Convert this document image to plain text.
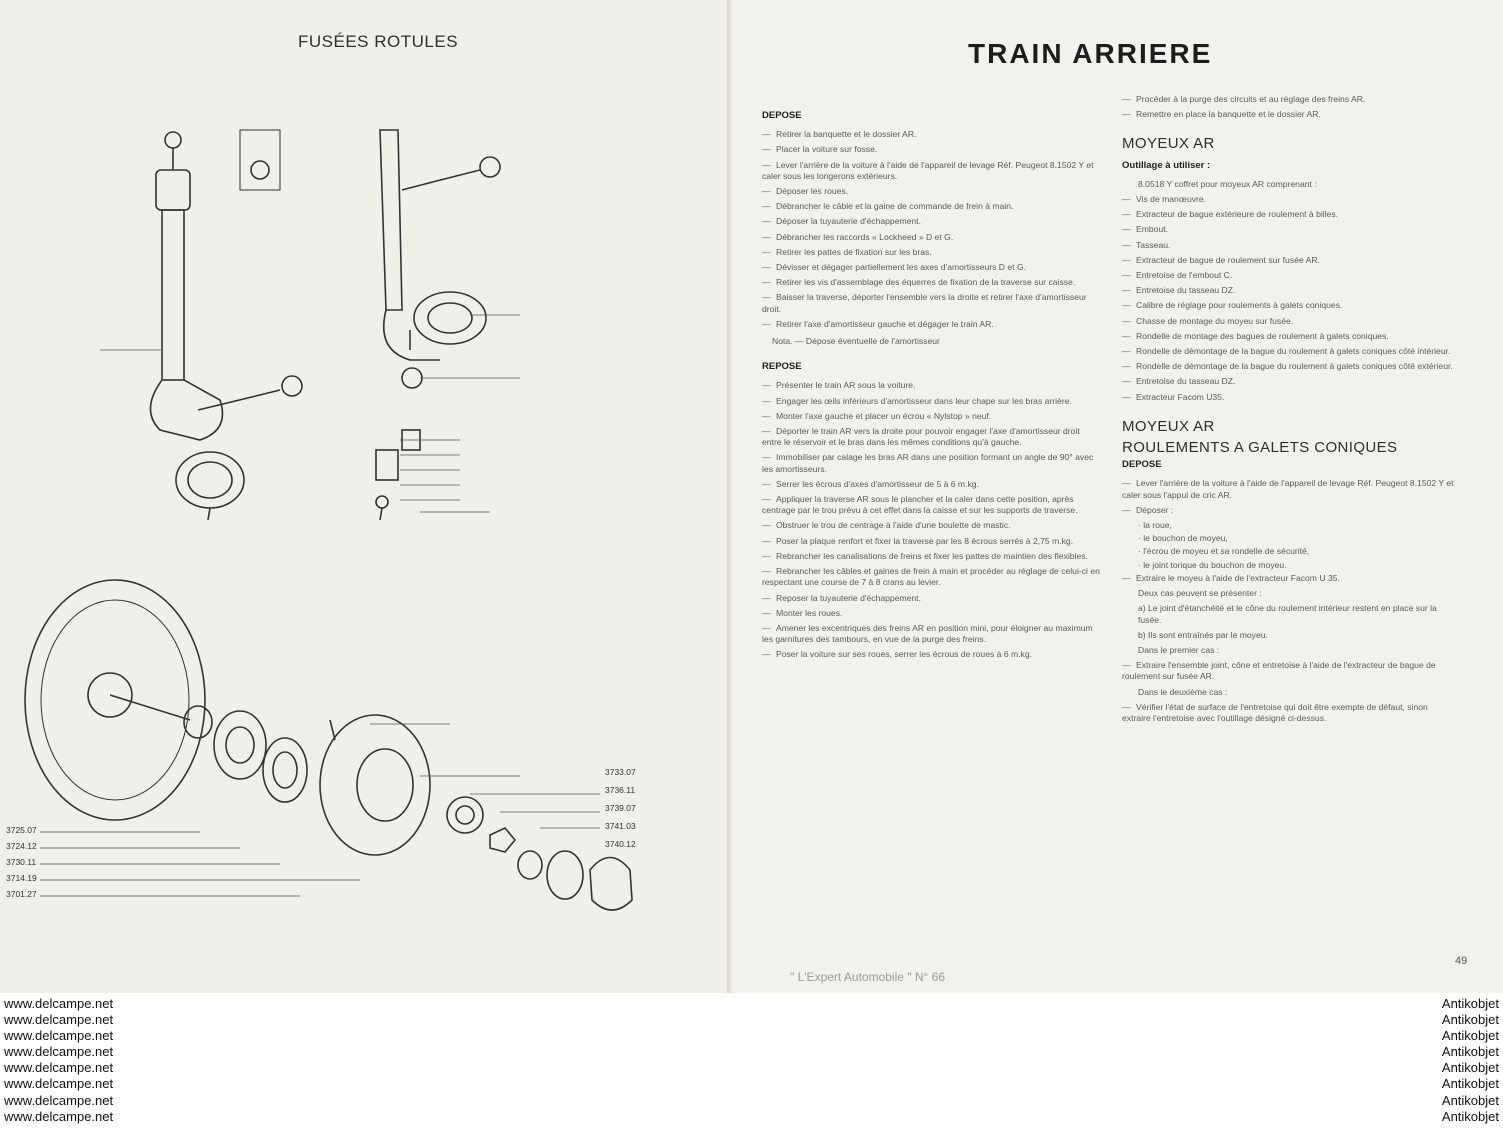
FUSÉES ROTULES
3733.07
3736.11
3739.07
3741.03
3740.12
3725.07
3724.12
3730.11
3714.19
3701.27
TRAIN ARRIERE
DEPOSE
— Retirer la banquette et le dossier AR.
— Placer la voiture sur fosse.
— Lever l'arrière de la voiture à l'aide de l'appareil de levage Réf. Peugeot 8.1502 Y et caler sous les longerons extérieurs.
— Déposer les roues.
— Débrancher le câble et la gaine de commande de frein à main.
— Déposer la tuyauterie d'échappement.
— Débrancher les raccords « Lockheed » D et G.
— Retirer les pattes de fixation sur les bras.
— Dévisser et dégager partiellement les axes d'amortisseurs D et G.
— Retirer les vis d'assemblage des équerres de fixation de la traverse sur caisse.
— Baisser la traverse, déporter l'ensemble vers la droite et retirer l'axe d'amortisseur droit.
— Retirer l'axe d'amortisseur gauche et dégager le train AR.
Nota. — Dépose éventuelle de l'amortisseur
REPOSE
— Présenter le train AR sous la voiture.
— Engager les œils inférieurs d'amortisseur dans leur chape sur les bras arrière.
— Monter l'axe gauche et placer un écrou « Nylstop » neuf.
— Déporter le train AR vers la droite pour pouvoir engager l'axe d'amortisseur droit entre le réservoir et le bras dans les mêmes conditions qu'à gauche.
— Immobiliser par calage les bras AR dans une position formant un angle de 90° avec les amortisseurs.
— Serrer les écrous d'axes d'amortisseur de 5 à 6 m.kg.
— Appliquer la traverse AR sous le plancher et la caler dans cette position, après centrage par le trou prévu à cet effet dans la caisse et sur les supports de traverse.
— Obstruer le trou de centrage à l'aide d'une boulette de mastic.
— Poser la plaque renfort et fixer la traverse par les 8 écrous serrés à 2,75 m.kg.
— Rebrancher les canalisations de freins et fixer les pattes de maintien des flexibles.
— Rebrancher les câbles et gaines de frein à main et procéder au réglage de celui-ci en respectant une course de 7 à 8 crans au levier.
— Reposer la tuyauterie d'échappement.
— Monter les roues.
— Amener les excentriques des freins AR en position mini, pour éloigner au maximum les garnitures des tambours, en vue de la purge des freins.
— Poser la voiture sur ses roues, serrer les écrous de roues à 6 m.kg.
— Procéder à la purge des circuits et au réglage des freins AR.
— Remettre en place la banquette et le dossier AR.
MOYEUX AR
Outillage à utiliser :
8.0518 Y coffret pour moyeux AR comprenant :
— Vis de manœuvre.
— Extracteur de bague extérieure de roulement à billes.
— Embout.
— Tasseau.
— Extracteur de bague de roulement sur fusée AR.
— Entretoise de l'embout C.
— Entretoise du tasseau DZ.
— Calibre de réglage pour roulements à galets coniques.
— Chasse de montage du moyeu sur fusée.
— Rondelle de montage des bagues de roulement à galets coniques.
— Rondelle de démontage de la bague du roulement à galets coniques côté intérieur.
— Rondelle de démontage de la bague du roulement à galets coniques côté extérieur.
— Entretoise du tasseau DZ.
— Extracteur Facom U35.
MOYEUX AR
ROULEMENTS A GALETS CONIQUES
DEPOSE
— Lever l'arrière de la voiture à l'aide de l'appareil de levage Réf. Peugeot 8.1502 Y et caler sous l'appui de cric AR.
— Déposer :
· la roue,
· le bouchon de moyeu,
· l'écrou de moyeu et sa rondelle de sécurité,
· le joint torique du bouchon de moyeu.
— Extraire le moyeu à l'aide de l'extracteur Facom U 35.
Deux cas peuvent se présenter :
a) Le joint d'étanchéité et le cône du roulement intérieur restent en place sur la fusée.
b) Ils sont entraînés par le moyeu.
Dans le premier cas :
— Extraire l'ensemble joint, cône et entretoise à l'aide de l'extracteur de bague de roulement sur fusée AR.
Dans le deuxième cas :
— Vérifier l'état de surface de l'entretoise qui doit être exempte de défaut, sinon extraire l'entretoise avec l'outillage désigné ci-dessus.
49
" L'Expert Automobile " N° 66
www.delcampe.net
www.delcampe.net
www.delcampe.net
www.delcampe.net
www.delcampe.net
www.delcampe.net
www.delcampe.net
www.delcampe.net
Antikobjet
Antikobjet
Antikobjet
Antikobjet
Antikobjet
Antikobjet
Antikobjet
Antikobjet
